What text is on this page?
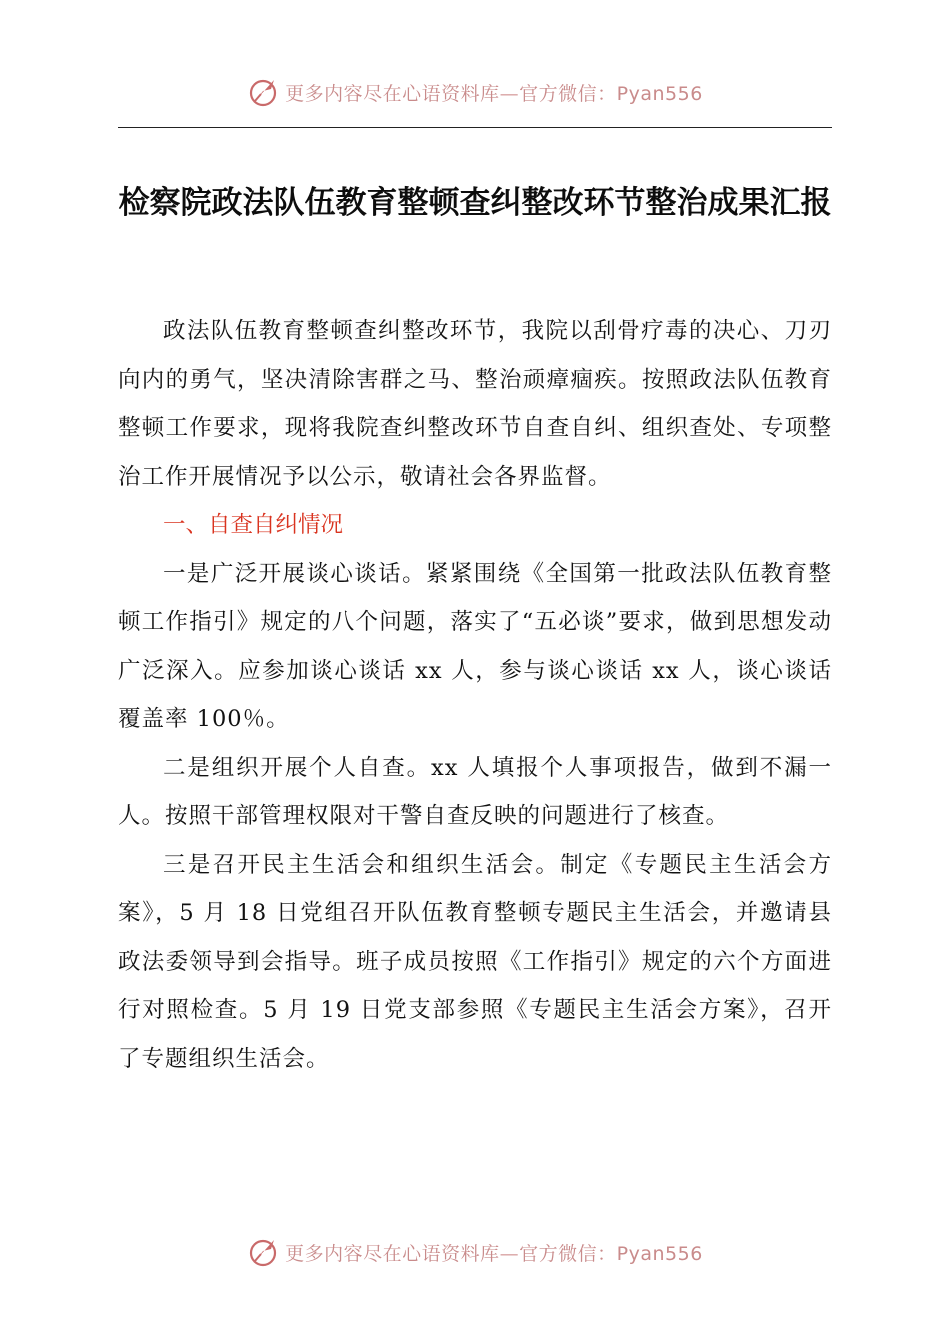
更多内容尽在心语资料库—官方微信：Pyan556
检察院政法队伍教育整顿查纠整改环节整治成果汇报

政法队伍教育整顿查纠整改环节，我院以刮骨疗毒的决心、刀刃向内的勇气，坚决清除害群之马、整治顽瘴痼疾。按照政法队伍教育整顿工作要求，现将我院查纠整改环节自查自纠、组织查处、专项整治工作开展情况予以公示，敬请社会各界监督。

一、自查自纠情况

一是广泛开展谈心谈话。紧紧围绕《全国第一批政法队伍教育整顿工作指引》规定的八个问题，落实了“五必谈”要求，做到思想发动广泛深入。应参加谈心谈话 xx 人，参与谈心谈话 xx 人，谈心谈话覆盖率 100％。

二是组织开展个人自查。xx 人填报个人事项报告，做到不漏一人。按照干部管理权限对干警自查反映的问题进行了核查。

三是召开民主生活会和组织生活会。制定《专题民主生活会方案》，5 月 18 日党组召开队伍教育整顿专题民主生活会，并邀请县政法委领导到会指导。班子成员按照《工作指引》规定的六个方面进行对照检查。5 月 19 日党支部参照《专题民主生活会方案》，召开了专题组织生活会。

更多内容尽在心语资料库—官方微信：Pyan556
